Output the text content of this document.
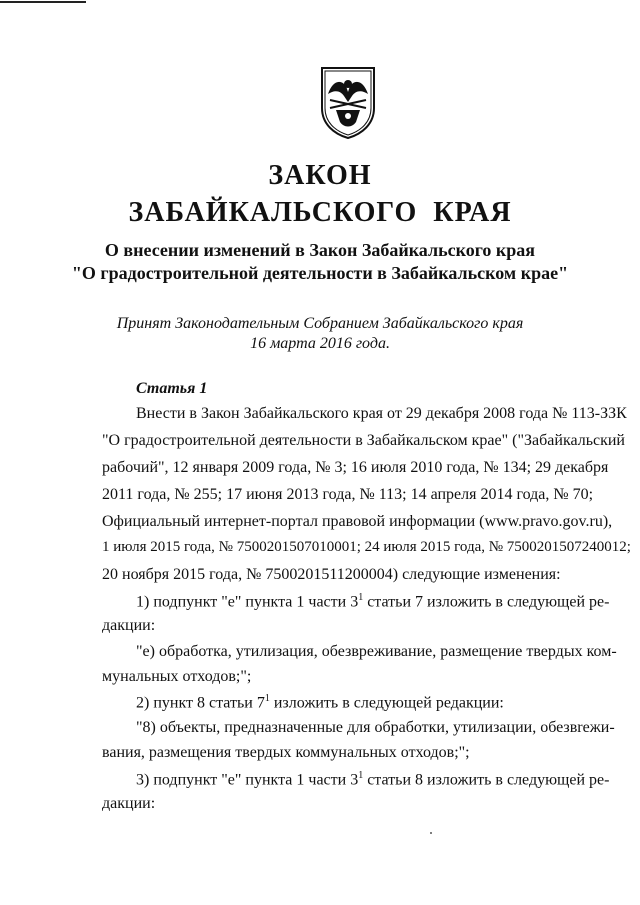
ЗАКОН
ЗАБАЙКАЛЬСКОГО  КРАЯ
О внесении изменений в Закон Забайкальского края
"О градостроительной деятельности в Забайкальском крае"
Принят Законодательным Собранием Забайкальского края
16 марта 2016 года.
Статья 1
Внести в Закон Забайкальского края от 29 декабря 2008 года № 113-ЗЗК
"О градостроительной деятельности в Забайкальском крае" ("Забайкальский
рабочий", 12 января 2009 года, № 3; 16 июля 2010 года, № 134; 29 декабря
2011 года, № 255; 17 июня 2013 года, № 113; 14 апреля 2014 года, № 70;
Официальный интернет-портал правовой информации (www.pravo.gov.ru),
1 июля 2015 года, № 7500201507010001; 24 июля 2015 года, № 7500201507240012;
20 ноября 2015 года, № 7500201511200004) следующие изменения:
1) подпункт "е" пункта 1 части $3^1$ статьи 7 изложить в следующей ре-
дакции:
"е) обработка, утилизация, обезвреживание, размещение твердых ком-
мунальных отходов;";
2) пункт 8 статьи $7^1$ изложить в следующей редакции:
"8) объекты, предназначенные для обработки, утилизации, обезвreжи-
вания, размещения твердых коммунальных отходов;";
3) подпункт "е" пункта 1 части $3^1$ статьи 8 изложить в следующей ре-
дакции:
